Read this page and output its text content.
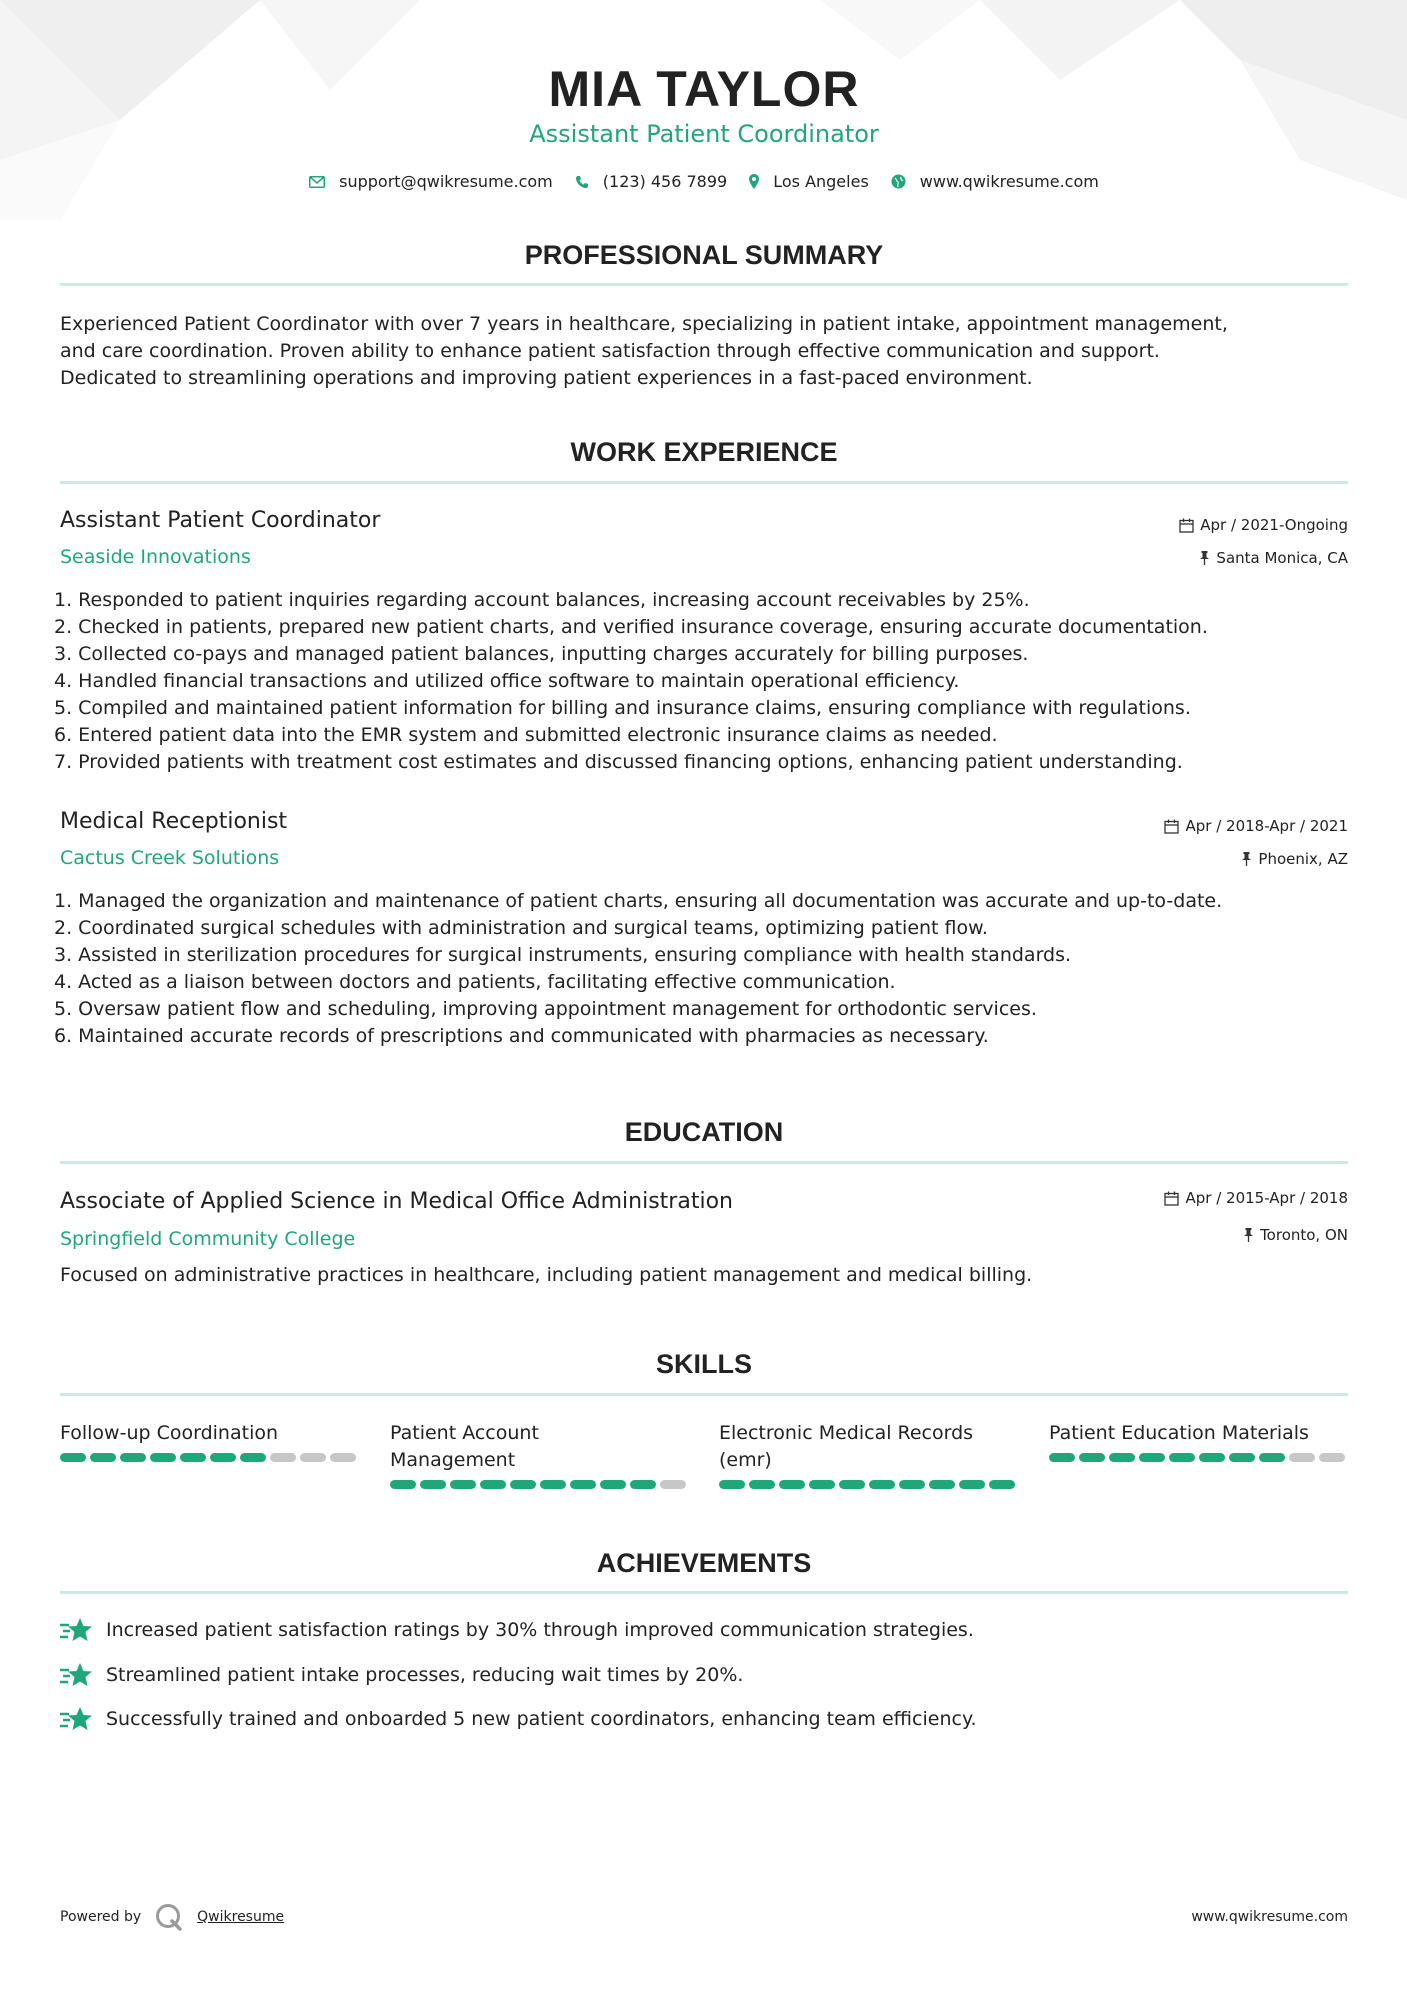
MIA TAYLOR
Assistant Patient Coordinator
support@qwikresume.com	(123) 456 7899	Los Angeles	www.qwikresume.com
PROFESSIONAL SUMMARY
Experienced Patient Coordinator with over 7 years in healthcare, specializing in patient intake, appointment management,
and care coordination. Proven ability to enhance patient satisfaction through effective communication and support.
Dedicated to streamlining operations and improving patient experiences in a fast-paced environment.
WORK EXPERIENCE
Assistant Patient Coordinator	Apr / 2021-Ongoing
Seaside Innovations	Santa Monica, CA
1. Responded to patient inquiries regarding account balances, increasing account receivables by 25%.
2. Checked in patients, prepared new patient charts, and verified insurance coverage, ensuring accurate documentation.
3. Collected co-pays and managed patient balances, inputting charges accurately for billing purposes.
4. Handled financial transactions and utilized office software to maintain operational efficiency.
5. Compiled and maintained patient information for billing and insurance claims, ensuring compliance with regulations.
6. Entered patient data into the EMR system and submitted electronic insurance claims as needed.
7. Provided patients with treatment cost estimates and discussed financing options, enhancing patient understanding.
Medical Receptionist	Apr / 2018-Apr / 2021
Cactus Creek Solutions	Phoenix, AZ
1. Managed the organization and maintenance of patient charts, ensuring all documentation was accurate and up-to-date.
2. Coordinated surgical schedules with administration and surgical teams, optimizing patient flow.
3. Assisted in sterilization procedures for surgical instruments, ensuring compliance with health standards.
4. Acted as a liaison between doctors and patients, facilitating effective communication.
5. Oversaw patient flow and scheduling, improving appointment management for orthodontic services.
6. Maintained accurate records of prescriptions and communicated with pharmacies as necessary.
EDUCATION
Associate of Applied Science in Medical Office Administration	Apr / 2015-Apr / 2018
Springfield Community College	Toronto, ON
Focused on administrative practices in healthcare, including patient management and medical billing.
SKILLS
Follow-up Coordination	Patient Account
Management
Electronic Medical Records
(emr)
Patient Education Materials
ACHIEVEMENTS
Increased patient satisfaction ratings by 30% through improved communication strategies.
Streamlined patient intake processes, reducing wait times by 20%.
Successfully trained and onboarded 5 new patient coordinators, enhancing team efficiency.
Powered by	Qwikresume	www.qwikresume.com
